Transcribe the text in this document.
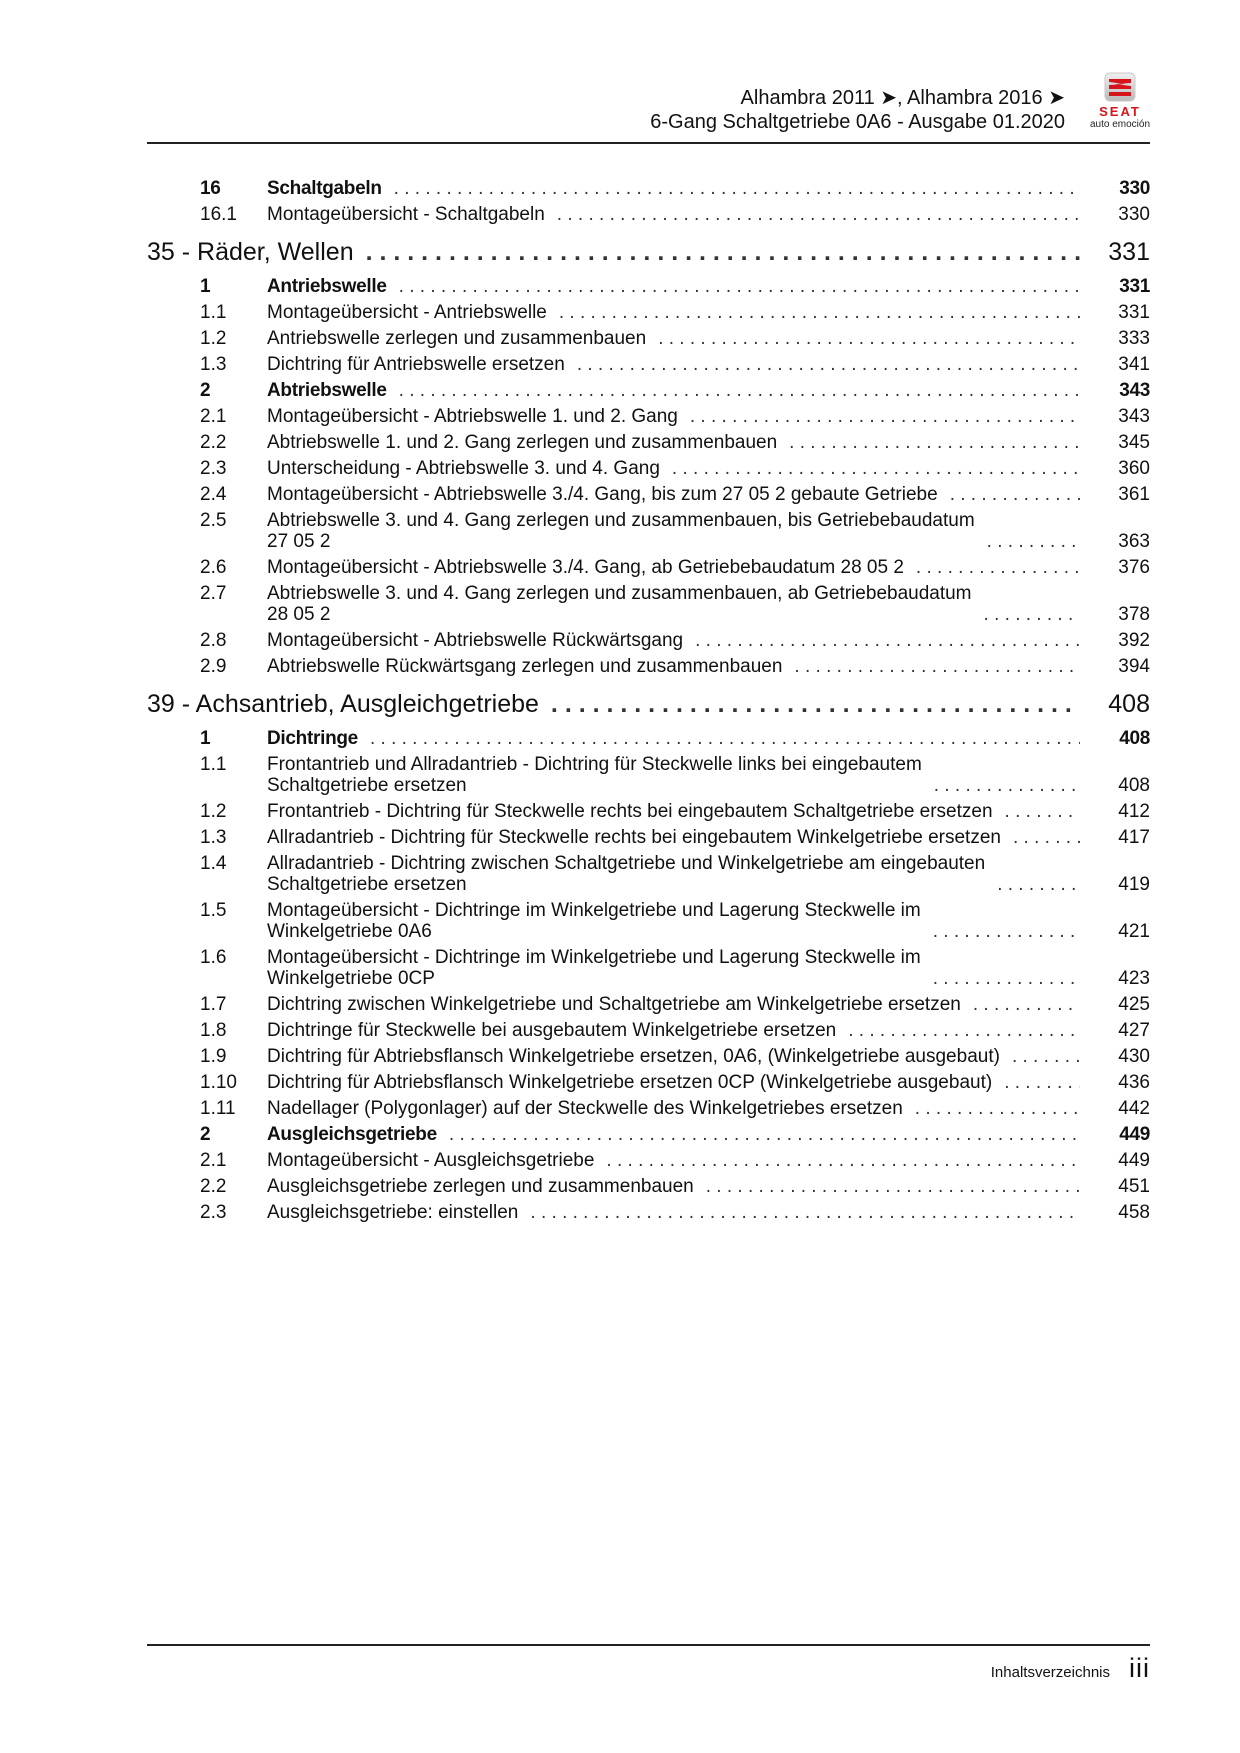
Alhambra 2011 ➤, Alhambra 2016 ➤
6-Gang Schaltgetriebe 0A6 - Ausgabe 01.2020	SEAT
auto emoción
16 Schaltgabeln . . .	330
16.1 Montageübersicht - Schaltgabeln . . .	330
35 - Räder, Wellen . . .	331
1	Antriebswelle . . .	331
1.1 Montageübersicht - Antriebswelle . . .	331
1.2 Antriebswelle zerlegen und zusammenbauen . . .	333
1.3 Dichtring für Antriebswelle ersetzen . . .	341
2	Abtriebswelle . . .	343
2.1 Montageübersicht - Abtriebswelle 1. und 2. Gang . . .	343
2.2 Abtriebswelle 1. und 2. Gang zerlegen und zusammenbauen . . .	345
2.3 Unterscheidung - Abtriebswelle 3. und 4. Gang . . .	360
2.4 Montageübersicht - Abtriebswelle 3./4. Gang, bis zum 27 05 2 gebaute Getriebe . . .	361
2.5 Abtriebswelle 3. und 4. Gang zerlegen und zusammenbauen, bis Getriebebaudatum
27 05 2 . . .	363
2.6 Montageübersicht - Abtriebswelle 3./4. Gang, ab Getriebebaudatum 28 05 2 . . .	376
2.7 Abtriebswelle 3. und 4. Gang zerlegen und zusammenbauen, ab Getriebebaudatum
28 05 2 . . .	378
2.8 Montageübersicht - Abtriebswelle Rückwärtsgang . . .	392
2.9 Abtriebswelle Rückwärtsgang zerlegen und zusammenbauen . . .	394
39 - Achsantrieb, Ausgleichgetriebe . . .	408
1	Dichtringe . . .	408
1.1 Frontantrieb und Allradantrieb - Dichtring für Steckwelle links bei eingebautem
Schaltgetriebe ersetzen . . .	408
1.2 Frontantrieb - Dichtring für Steckwelle rechts bei eingebautem Schaltgetriebe ersetzen . . .	412
1.3 Allradantrieb - Dichtring für Steckwelle rechts bei eingebautem Winkelgetriebe ersetzen . . .	417
1.4 Allradantrieb - Dichtring zwischen Schaltgetriebe und Winkelgetriebe am eingebauten
Schaltgetriebe ersetzen . . .	419
1.5 Montageübersicht - Dichtringe im Winkelgetriebe und Lagerung Steckwelle im
Winkelgetriebe 0A6 . . .	421
1.6 Montageübersicht - Dichtringe im Winkelgetriebe und Lagerung Steckwelle im
Winkelgetriebe 0CP . . .	423
1.7 Dichtring zwischen Winkelgetriebe und Schaltgetriebe am Winkelgetriebe ersetzen . . .	425
1.8 Dichtringe für Steckwelle bei ausgebautem Winkelgetriebe ersetzen . . .	427
1.9 Dichtring für Abtriebsflansch Winkelgetriebe ersetzen, 0A6, (Winkelgetriebe ausgebaut) . . .	430
1.10 Dichtring für Abtriebsflansch Winkelgetriebe ersetzen 0CP (Winkelgetriebe ausgebaut) . . .	436
1.11 Nadellager (Polygonlager) auf der Steckwelle des Winkelgetriebes ersetzen . . .	442
2	Ausgleichsgetriebe . . .	449
2.1 Montageübersicht - Ausgleichsgetriebe . . .	449
2.2 Ausgleichsgetriebe zerlegen und zusammenbauen . . .	451
2.3 Ausgleichsgetriebe: einstellen . . .	458
Inhaltsverzeichnis iii
